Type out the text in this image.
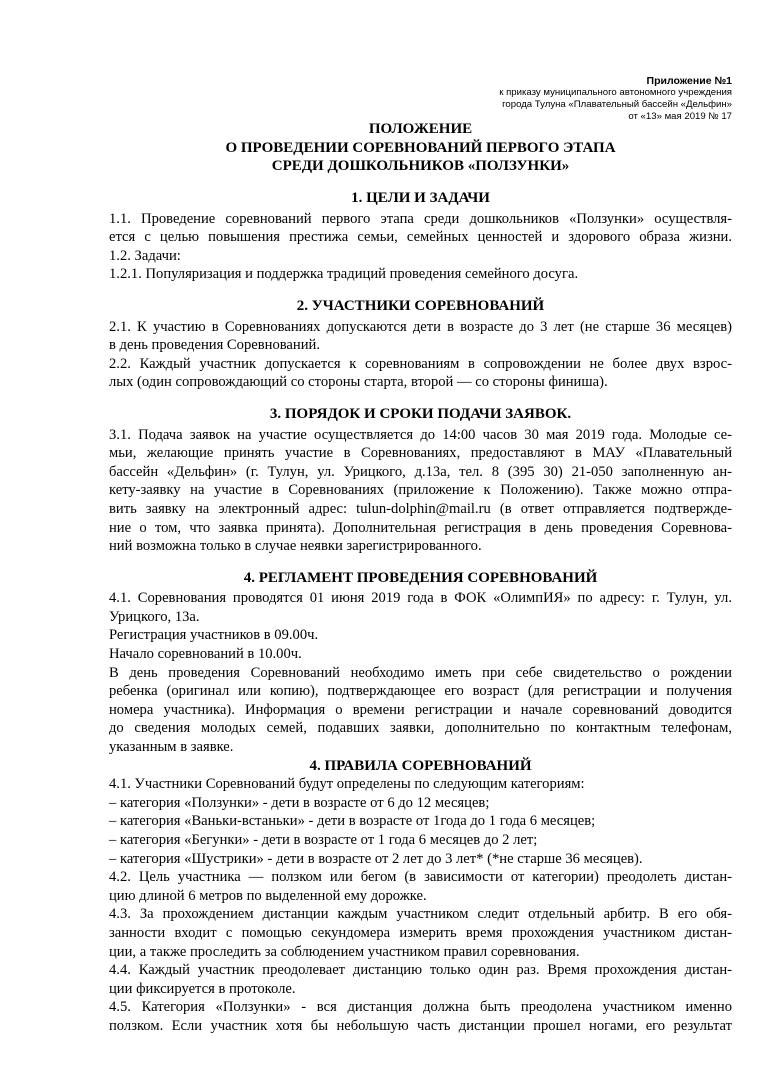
Приложение №1
к приказу муниципального автономного учреждения
города Тулуна «Плавательный бассейн «Дельфин»
от «13» мая 2019 № 17
ПОЛОЖЕНИЕ
О ПРОВЕДЕНИИ СОРЕВНОВАНИЙ ПЕРВОГО ЭТАПА
СРЕДИ ДОШКОЛЬНИКОВ «ПОЛЗУНКИ»
1. ЦЕЛИ И ЗАДАЧИ
1.1. Проведение соревнований первого этапа среди дошкольников «Ползунки» осуществля-
ется с целью повышения престижа семьи, семейных ценностей и здорового образа жизни.
1.2. Задачи:
1.2.1. Популяризация и поддержка традиций проведения семейного досуга.
2. УЧАСТНИКИ СОРЕВНОВАНИЙ
2.1. К участию в Соревнованиях допускаются дети в возрасте до 3 лет (не старше 36 месяцев)
в день проведения Соревнований.
2.2. Каждый участник допускается к соревнованиям в сопровождении не более двух взрос-
лых (один сопровождающий со стороны старта, второй — со стороны финиша).
3. ПОРЯДОК И СРОКИ ПОДАЧИ ЗАЯВОК.
3.1. Подача заявок на участие осуществляется до 14:00 часов 30 мая 2019 года. Молодые се-
мьи, желающие принять участие в Соревнованиях, предоставляют в МАУ «Плавательный
бассейн «Дельфин» (г. Тулун, ул. Урицкого, д.13а, тел. 8 (395 30) 21-050 заполненную ан-
кету-заявку на участие в Соревнованиях (приложение к Положению). Также можно отпра-
вить заявку на электронный адрес: tulun-dolphin@mail.ru (в ответ отправляется подтвержде-
ние о том, что заявка принята). Дополнительная регистрация в день проведения Соревнова-
ний возможна только в случае неявки зарегистрированного.
4. РЕГЛАМЕНТ ПРОВЕДЕНИЯ СОРЕВНОВАНИЙ
4.1. Соревнования проводятся 01 июня 2019 года в ФОК «ОлимпИЯ» по адресу: г. Тулун, ул.
Урицкого, 13а.
Регистрация участников в 09.00ч.
Начало соревнований в 10.00ч.
В день проведения Соревнований необходимо иметь при себе свидетельство о рождении
ребенка (оригинал или копию), подтверждающее его возраст (для регистрации и получения
номера участника). Информация о времени регистрации и начале соревнований доводится
до сведения молодых семей, подавших заявки, дополнительно по контактным телефонам,
указанным в заявке.
4. ПРАВИЛА СОРЕВНОВАНИЙ
4.1. Участники Соревнований будут определены по следующим категориям:
– категория «Ползунки» - дети в возрасте от 6 до 12 месяцев;
– категория «Ваньки-встаньки» - дети в возрасте от 1года до 1 года 6 месяцев;
– категория «Бегунки» - дети в возрасте от 1 года 6 месяцев до 2 лет;
– категория «Шустрики» - дети в возрасте от 2 лет до 3 лет* (*не старше 36 месяцев).
4.2. Цель участника — ползком или бегом (в зависимости от категории) преодолеть дистан-
цию длиной 6 метров по выделенной ему дорожке.
4.3. За прохождением дистанции каждым участником следит отдельный арбитр. В его обя-
занности входит с помощью секундомера измерить время прохождения участником дистан-
ции, а также проследить за соблюдением участником правил соревнования.
4.4. Каждый участник преодолевает дистанцию только один раз. Время прохождения дистан-
ции фиксируется в протоколе.
4.5. Категория «Ползунки» - вся дистанция должна быть преодолена участником именно
ползком. Если участник хотя бы небольшую часть дистанции прошел ногами, его результат
